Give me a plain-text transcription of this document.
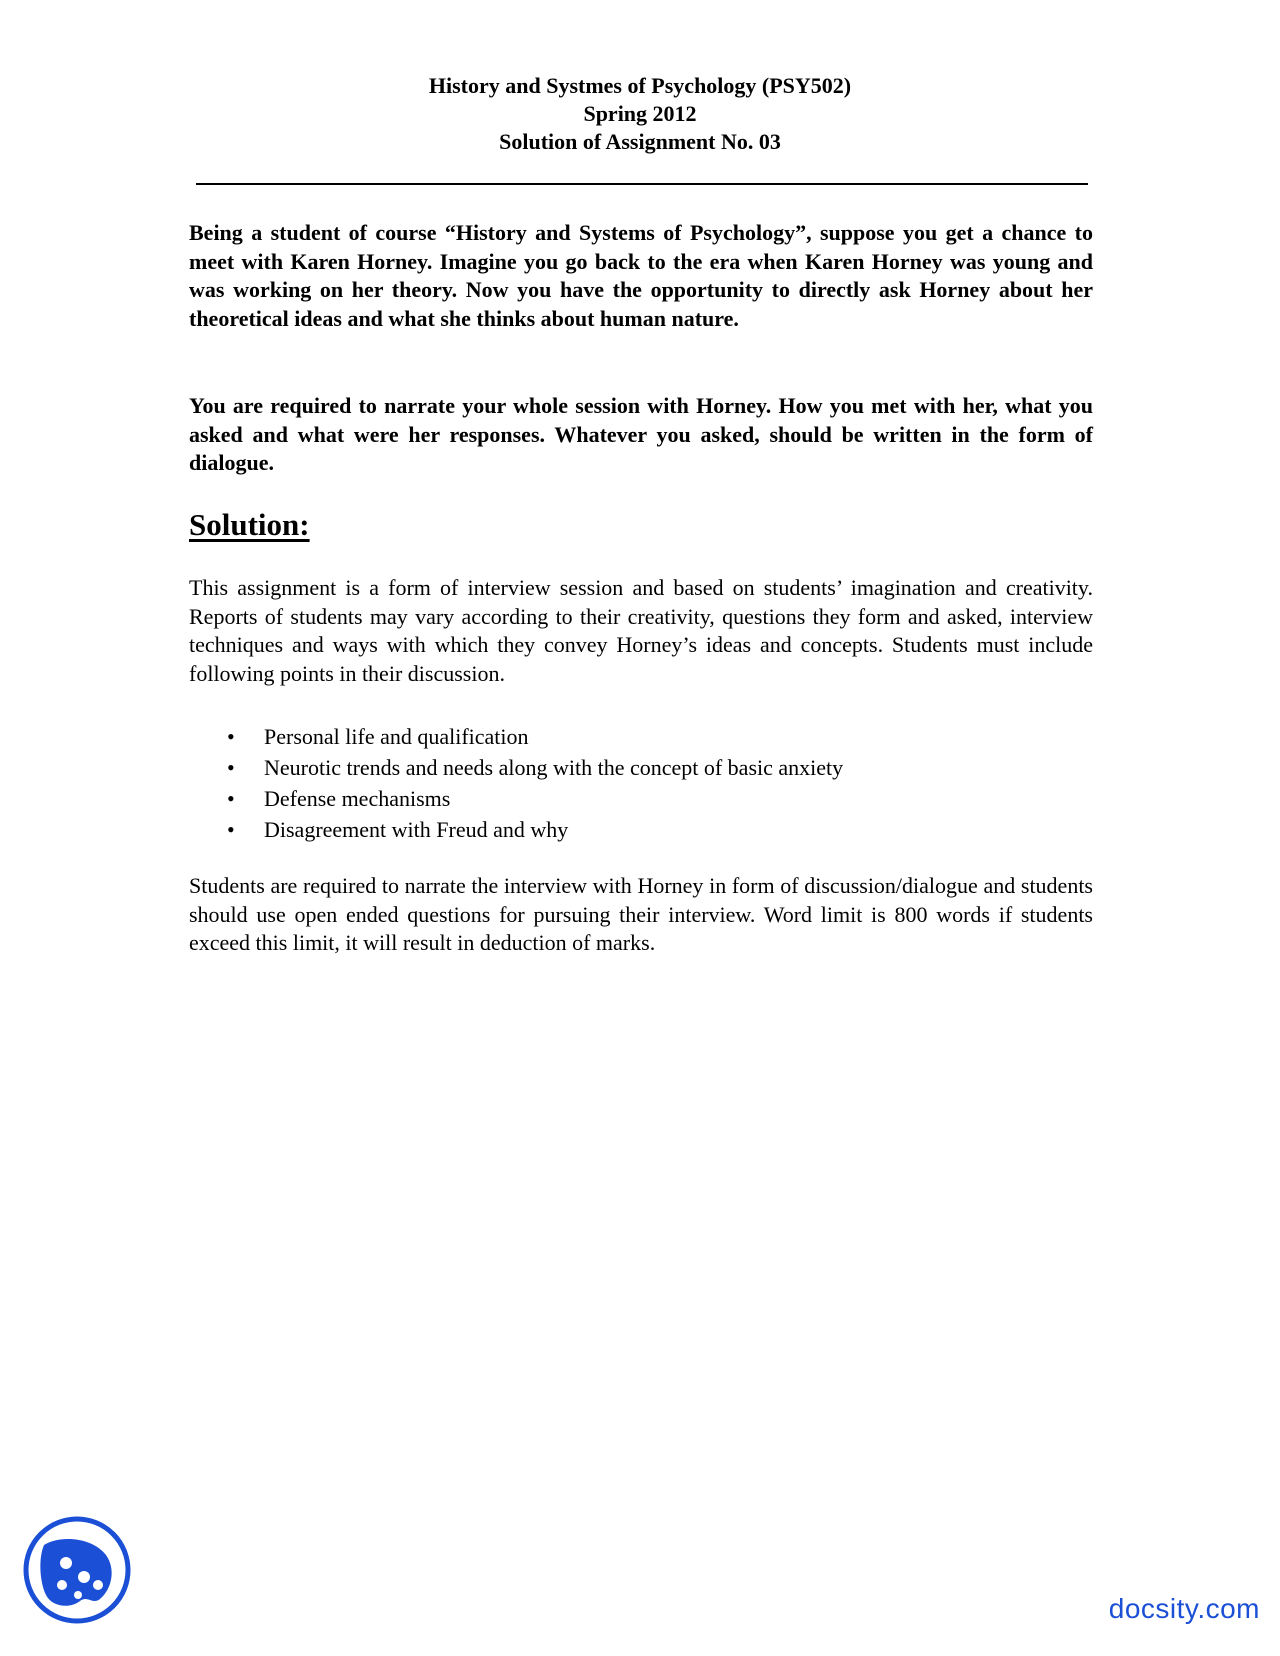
History and Systmes of Psychology (PSY502)
Spring 2012
Solution of Assignment No. 03
Being a student of course “History and Systems of Psychology”, suppose you get a chance to meet with Karen Horney. Imagine you go back to the era when Karen Horney was young and was working on her theory. Now you have the opportunity to directly ask Horney about her theoretical ideas and what she thinks about human nature.
You are required to narrate your whole session with Horney. How you met with her, what you asked and what were her responses. Whatever you asked, should be written in the form of dialogue.
Solution:
This assignment is a form of interview session and based on students’ imagination and creativity. Reports of students may vary according to their creativity, questions they form and asked, interview techniques and ways with which they convey Horney’s ideas and concepts. Students must include following points in their discussion.
• Personal life and qualification
• Neurotic trends and needs along with the concept of basic anxiety
• Defense mechanisms
• Disagreement with Freud and why
Students are required to narrate the interview with Horney in form of discussion/dialogue and students should use open ended questions for pursuing their interview. Word limit is 800 words if students exceed this limit, it will result in deduction of marks.
docsity.com
